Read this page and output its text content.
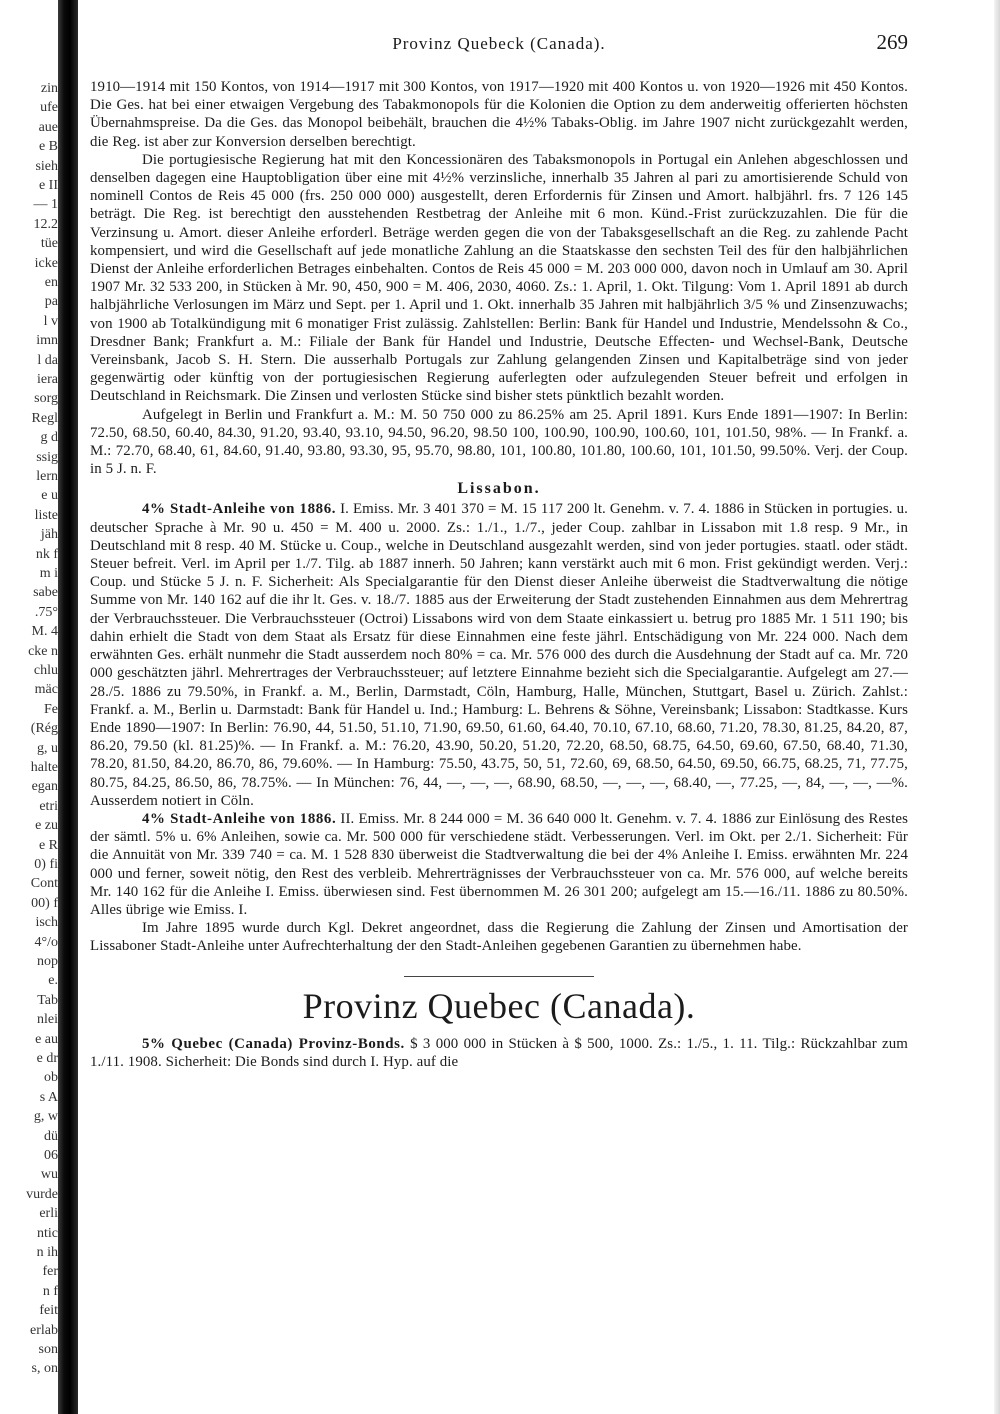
zin
ufe
aue
e B
sieh
e II
— 1
12.2
tüe
icke
en
pa
l v
imn
l da
iera
sorg
Regl
g d
ssig
lern
e u
liste
jäh
nk f
m i
sabe
.75°
M. 4
cke n
chlu
mäc
Fe
(Rég
g, u
halte
egan
etri
e zu
e R
0) fi
Cont
00) f
isch
4°/o
nop
e.
Tab
nlei
e au
e dr
ob
s A
g, w
dü
06
wu
vurde
erli
ntic
n ih
fer
n f
feit
erlab
son
s, on
Provinz Quebeck (Canada).	269

1910—1914 mit 150 Kontos, von 1914—1917 mit 300 Kontos, von 1917—1920 mit 400 Kontos u. von 1920—1926 mit 450 Kontos. Die Ges. hat bei einer etwaigen Vergebung des Tabakmonopols für die Kolonien die Option zu dem anderweitig offerierten höchsten Übernahmspreise. Da die Ges. das Monopol beibehält, brauchen die 4½% Tabaks-Oblig. im Jahre 1907 nicht zurückgezahlt werden, die Reg. ist aber zur Konversion derselben berechtigt.

Die portugiesische Regierung hat mit den Koncessionären des Tabaksmonopols in Portugal ein Anlehen abgeschlossen und denselben dagegen eine Hauptobligation über eine mit 4½% verzinsliche, innerhalb 35 Jahren al pari zu amortisierende Schuld von nominell Contos de Reis 45 000 (frs. 250 000 000) ausgestellt, deren Erfordernis für Zinsen und Amort. halbjährl. frs. 7 126 145 beträgt. Die Reg. ist berechtigt den ausstehenden Restbetrag der Anleihe mit 6 mon. Künd.-Frist zurückzuzahlen. Die für die Verzinsung u. Amort. dieser Anleihe erforderl. Beträge werden gegen die von der Tabaksgesellschaft an die Reg. zu zahlende Pacht kompensiert, und wird die Gesellschaft auf jede monatliche Zahlung an die Staatskasse den sechsten Teil des für den halbjährlichen Dienst der Anleihe erforderlichen Betrages einbehalten. Contos de Reis 45 000 = M. 203 000 000, davon noch in Umlauf am 30. April 1907 Mr. 32 533 200, in Stücken à Mr. 90, 450, 900 = M. 406, 2030, 4060. Zs.: 1. April, 1. Okt. Tilgung: Vom 1. April 1891 ab durch halbjährliche Verlosungen im März und Sept. per 1. April und 1. Okt. innerhalb 35 Jahren mit halbjährlich 3/5 % und Zinsenzuwachs; von 1900 ab Totalkündigung mit 6 monatiger Frist zulässig. Zahlstellen: Berlin: Bank für Handel und Industrie, Mendelssohn & Co., Dresdner Bank; Frankfurt a. M.: Filiale der Bank für Handel und Industrie, Deutsche Effecten- und Wechsel-Bank, Deutsche Vereinsbank, Jacob S. H. Stern. Die ausserhalb Portugals zur Zahlung gelangenden Zinsen und Kapitalbeträge sind von jeder gegenwärtig oder künftig von der portugiesischen Regierung auferlegten oder aufzulegenden Steuer befreit und erfolgen in Deutschland in Reichsmark. Die Zinsen und verlosten Stücke sind bisher stets pünktlich bezahlt worden.

Aufgelegt in Berlin und Frankfurt a. M.: M. 50 750 000 zu 86.25% am 25. April 1891. Kurs Ende 1891—1907: In Berlin: 72.50, 68.50, 60.40, 84.30, 91.20, 93.40, 93.10, 94.50, 96.20, 98.50 100, 100.90, 100.90, 100.60, 101, 101.50, 98%. — In Frankf. a. M.: 72.70, 68.40, 61, 84.60, 91.40, 93.80, 93.30, 95, 95.70, 98.80, 101, 100.80, 101.80, 100.60, 101, 101.50, 99.50%. Verj. der Coup. in 5 J. n. F.

Lissabon.

4% Stadt-Anleihe von 1886. I. Emiss. Mr. 3 401 370 = M. 15 117 200 lt. Genehm. v. 7. 4. 1886 in Stücken in portugies. u. deutscher Sprache à Mr. 90 u. 450 = M. 400 u. 2000. Zs.: 1./1., 1./7., jeder Coup. zahlbar in Lissabon mit 1.8 resp. 9 Mr., in Deutschland mit 8 resp. 40 M. Stücke u. Coup., welche in Deutschland ausgezahlt werden, sind von jeder portugies. staatl. oder städt. Steuer befreit. Verl. im April per 1./7. Tilg. ab 1887 innerh. 50 Jahren; kann verstärkt auch mit 6 mon. Frist gekündigt werden. Verj.: Coup. und Stücke 5 J. n. F. Sicherheit: Als Specialgarantie für den Dienst dieser Anleihe überweist die Stadtverwaltung die nötige Summe von Mr. 140 162 auf die ihr lt. Ges. v. 18./7. 1885 aus der Erweiterung der Stadt zustehenden Einnahmen aus dem Mehrertrag der Verbrauchssteuer. Die Verbrauchssteuer (Octroi) Lissabons wird von dem Staate einkassiert u. betrug pro 1885 Mr. 1 511 190; bis dahin erhielt die Stadt von dem Staat als Ersatz für diese Einnahmen eine feste jährl. Entschädigung von Mr. 224 000. Nach dem erwähnten Ges. erhält nunmehr die Stadt ausserdem noch 80% = ca. Mr. 576 000 des durch die Ausdehnung der Stadt auf ca. Mr. 720 000 geschätzten jährl. Mehrertrages der Verbrauchssteuer; auf letztere Einnahme bezieht sich die Specialgarantie. Aufgelegt am 27.—28./5. 1886 zu 79.50%, in Frankf. a. M., Berlin, Darmstadt, Cöln, Hamburg, Halle, München, Stuttgart, Basel u. Zürich. Zahlst.: Frankf. a. M., Berlin u. Darmstadt: Bank für Handel u. Ind.; Hamburg: L. Behrens & Söhne, Vereinsbank; Lissabon: Stadtkasse. Kurs Ende 1890—1907: In Berlin: 76.90, 44, 51.50, 51.10, 71.90, 69.50, 61.60, 64.40, 70.10, 67.10, 68.60, 71.20, 78.30, 81.25, 84.20, 87, 86.20, 79.50 (kl. 81.25)%. — In Frankf. a. M.: 76.20, 43.90, 50.20, 51.20, 72.20, 68.50, 68.75, 64.50, 69.60, 67.50, 68.40, 71.30, 78.20, 81.50, 84.20, 86.70, 86, 79.60%. — In Hamburg: 75.50, 43.75, 50, 51, 72.60, 69, 68.50, 64.50, 69.50, 66.75, 68.25, 71, 77.75, 80.75, 84.25, 86.50, 86, 78.75%. — In München: 76, 44, —, —, —, 68.90, 68.50, —, —, —, 68.40, —, 77.25, —, 84, —, —, —%. Ausserdem notiert in Cöln.

4% Stadt-Anleihe von 1886. II. Emiss. Mr. 8 244 000 = M. 36 640 000 lt. Genehm. v. 7. 4. 1886 zur Einlösung des Restes der sämtl. 5% u. 6% Anleihen, sowie ca. Mr. 500 000 für verschiedene städt. Verbesserungen. Verl. im Okt. per 2./1. Sicherheit: Für die Annuität von Mr. 339 740 = ca. M. 1 528 830 überweist die Stadtverwaltung die bei der 4% Anleihe I. Emiss. erwähnten Mr. 224 000 und ferner, soweit nötig, den Rest des verbleib. Mehrerträgnisses der Verbrauchssteuer von ca. Mr. 576 000, auf welche bereits Mr. 140 162 für die Anleihe I. Emiss. überwiesen sind. Fest übernommen M. 26 301 200; aufgelegt am 15.—16./11. 1886 zu 80.50%. Alles übrige wie Emiss. I.

Im Jahre 1895 wurde durch Kgl. Dekret angeordnet, dass die Regierung die Zahlung der Zinsen und Amortisation der Lissaboner Stadt-Anleihe unter Aufrechterhaltung der den Stadt-Anleihen gegebenen Garantien zu übernehmen habe.

Provinz Quebec (Canada).

5% Quebec (Canada) Provinz-Bonds. $ 3 000 000 in Stücken à $ 500, 1000. Zs.: 1./5., 1. 11. Tilg.: Rückzahlbar zum 1./11. 1908. Sicherheit: Die Bonds sind durch I. Hyp. auf die
